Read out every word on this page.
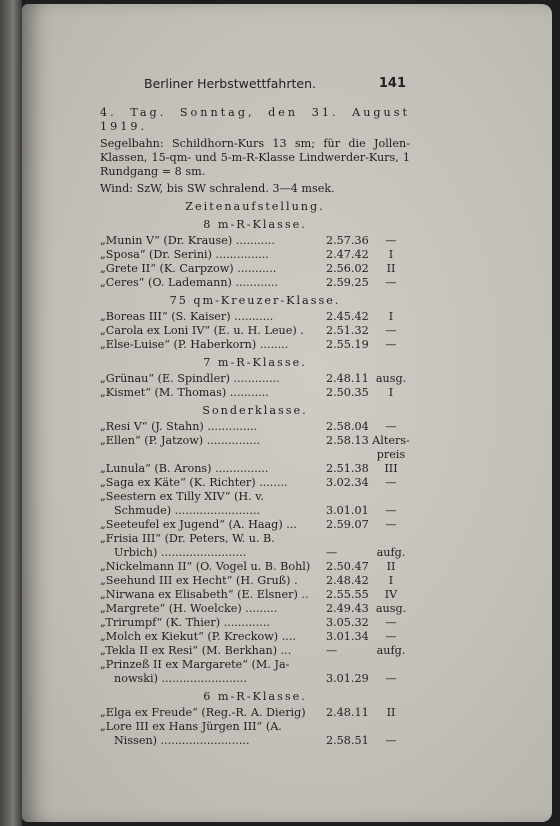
Berliner Herbstwettfahrten.	141

4. Tag. Sonntag, den 31. August 1919.

Segelbahn: Schildhorn-Kurs 13 sm; für die Jollen-Klassen, 15-qm- und 5-m-R-Klasse Lindwerder-Kurs, 1 Rundgang = 8 sm.

Wind: SzW, bis SW schralend. 3—4 msek.

Zeitenaufstellung.
8 m-R-Klasse.
„Munin V“ (Dr. Krause) ...........	2.57.36	—
„Sposa“ (Dr. Serini) ...............	2.47.42	I
„Grete II“ (K. Carpzow) ...........	2.56.02	II
„Ceres“ (O. Lademann) ............	2.59.25	—
75 qm-Kreuzer-Klasse.
„Boreas III“ (S. Kaiser) ...........	2.45.42	I
„Carola ex Loni IV“ (E. u. H. Leue) .	2.51.32	—
„Else-Luise“ (P. Haberkorn) ........	2.55.19	—
7 m-R-Klasse.
„Grünau“ (E. Spindler) .............	2.48.11 ausg.
„Kismet“ (M. Thomas) ...........	2.50.35	I
Sonderklasse.
„Resi V“ (J. Stahn) ..............	2.58.04	—
„Ellen“ (P. Jatzow) ...............	2.58.13 Alters-
preis
„Lunula“ (B. Arons) ...............	2.51.38	III
„Saga ex Käte“ (K. Richter) ........	3.02.34	—
„Seestern ex Tilly XIV“ (H. v.
Schmude) ........................	3.01.01	—
„Seeteufel ex Jugend“ (A. Haag) ...	2.59.07	—
„Frisia III“ (Dr. Peters, W. u. B.
Urbich) ........................	—	aufg.
„Nickelmann II“ (O. Vogel u. B. Bohl)	2.50.47	II
„Seehund III ex Hecht“ (H. Gruß) .	2.48.42	I
„Nirwana ex Elisabeth“ (E. Elsner) ..	2.55.55	IV
„Margrete“ (H. Woelcke) .........	2.49.43 ausg.
„Trirumpf“ (K. Thier) .............	3.05.32	—
„Molch ex Kiekut“ (P. Kreckow) ....	3.01.34	—
„Tekla II ex Resi“ (M. Berkhan) ...	—	aufg.
„Prinzeß II ex Margarete“ (M. Ja-
nowski) ........................	3.01.29	—
6 m-R-Klasse.
„Elga ex Freude“ (Reg.-R. A. Dierig)	2.48.11	II
„Lore III ex Hans Jürgen III“ (A.
Nissen) .........................	2.58.51	—
